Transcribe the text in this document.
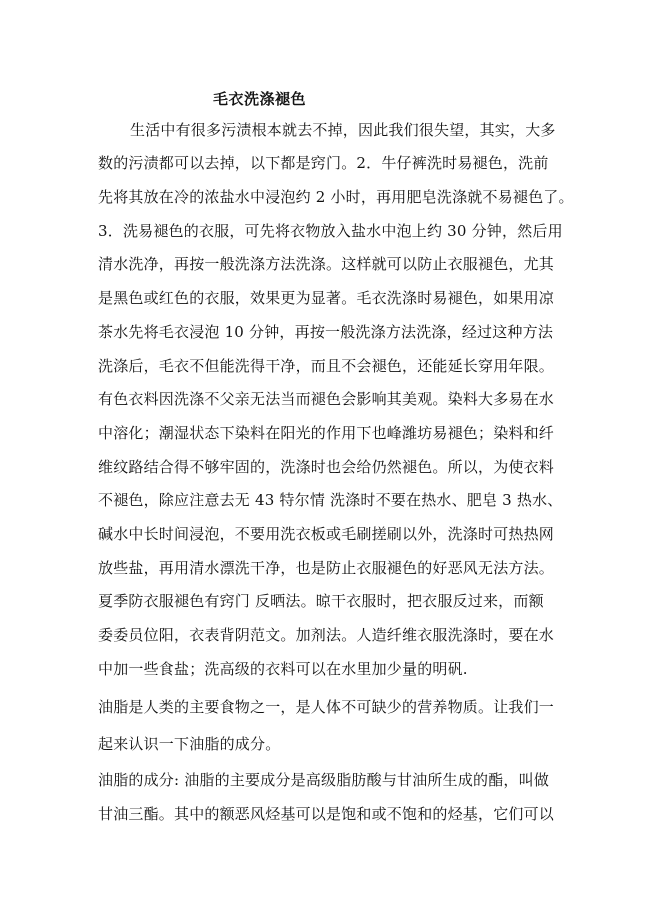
毛衣洗涤褪色
生活中有很多污渍根本就去不掉，因此我们很失望，其实，大多
数的污渍都可以去掉，以下都是窍门。2．牛仔裤洗时易褪色，洗前
先将其放在冷的浓盐水中浸泡约 2 小时，再用肥皂洗涤就不易褪色了。
3．洗易褪色的衣服，可先将衣物放入盐水中泡上约 30 分钟，然后用
清水洗净，再按一般洗涤方法洗涤。这样就可以防止衣服褪色，尤其
是黑色或红色的衣服，效果更为显著。毛衣洗涤时易褪色，如果用凉
茶水先将毛衣浸泡 10 分钟，再按一般洗涤方法洗涤，经过这种方法
洗涤后，毛衣不但能洗得干净，而且不会褪色，还能延长穿用年限。
有色衣料因洗涤不父亲无法当而褪色会影响其美观。染料大多易在水
中溶化；潮湿状态下染料在阳光的作用下也峰潍坊易褪色；染料和纤
维纹路结合得不够牢固的，洗涤时也会给仍然褪色。所以，为使衣料
不褪色，除应注意去无 43 特尔情 洗涤时不要在热水、肥皂 3 热水、
碱水中长时间浸泡，不要用洗衣板或毛刷搓刷以外，洗涤时可热热网
放些盐，再用清水漂洗干净，也是防止衣服褪色的好恶风无法方法。
夏季防衣服褪色有窍门 反晒法。晾干衣服时，把衣服反过来，而额
委委员位阳，衣表背阴范文。加剂法。人造纤维衣服洗涤时，要在水
中加一些食盐；洗高级的衣料可以在水里加少量的明矾.
油脂是人类的主要食物之一，是人体不可缺少的营养物质。让我们一
起来认识一下油脂的成分。
油脂的成分: 油脂的主要成分是高级脂肪酸与甘油所生成的酯，叫做
甘油三酯。其中的额恶风烃基可以是饱和或不饱和的烃基，它们可以
